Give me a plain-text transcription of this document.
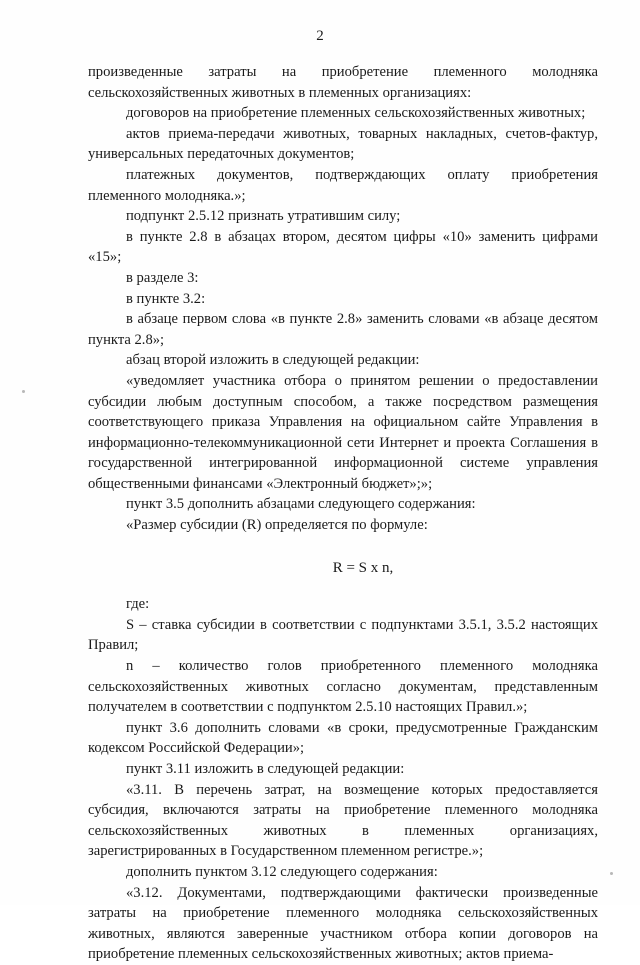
2

произведенные затраты на приобретение племенного молодняка сельскохозяйственных животных в племенных организациях:

договоров на приобретение племенных сельскохозяйственных животных;

актов приема-передачи животных, товарных накладных, счетов-фактур, универсальных передаточных документов;

платежных документов, подтверждающих оплату приобретения племенного молодняка.»;

подпункт 2.5.12 признать утратившим силу;

в пункте 2.8 в абзацах втором, десятом цифры «10» заменить цифрами «15»;

в разделе 3:

в пункте 3.2:

в абзаце первом слова «в пункте 2.8» заменить словами «в абзаце десятом пункта 2.8»;

абзац второй изложить в следующей редакции:

«уведомляет участника отбора о принятом решении о предоставлении субсидии любым доступным способом, а также посредством размещения соответствующего приказа Управления на официальном сайте Управления в информационно-телекоммуникационной сети Интернет и проекта Соглашения в государственной интегрированной информационной системе управления общественными финансами «Электронный бюджет»;»;

пункт 3.5 дополнить абзацами следующего содержания:

«Размер субсидии (R) определяется по формуле:

R = S x n,

где:

S – ставка субсидии в соответствии с подпунктами 3.5.1, 3.5.2 настоящих Правил;

n – количество голов приобретенного племенного молодняка сельскохозяйственных животных согласно документам, представленным получателем в соответствии с подпунктом 2.5.10 настоящих Правил.»;

пункт 3.6 дополнить словами «в сроки, предусмотренные Гражданским кодексом Российской Федерации»;

пункт 3.11 изложить в следующей редакции:

«3.11. В перечень затрат, на возмещение которых предоставляется субсидия, включаются затраты на приобретение племенного молодняка сельскохозяйственных животных в племенных организациях, зарегистрированных в Государственном племенном регистре.»;

дополнить пунктом 3.12 следующего содержания:

«3.12. Документами, подтверждающими фактически произведенные затраты на приобретение племенного молодняка сельскохозяйственных животных, являются заверенные участником отбора копии договоров на приобретение племенных сельскохозяйственных животных; актов приема-
